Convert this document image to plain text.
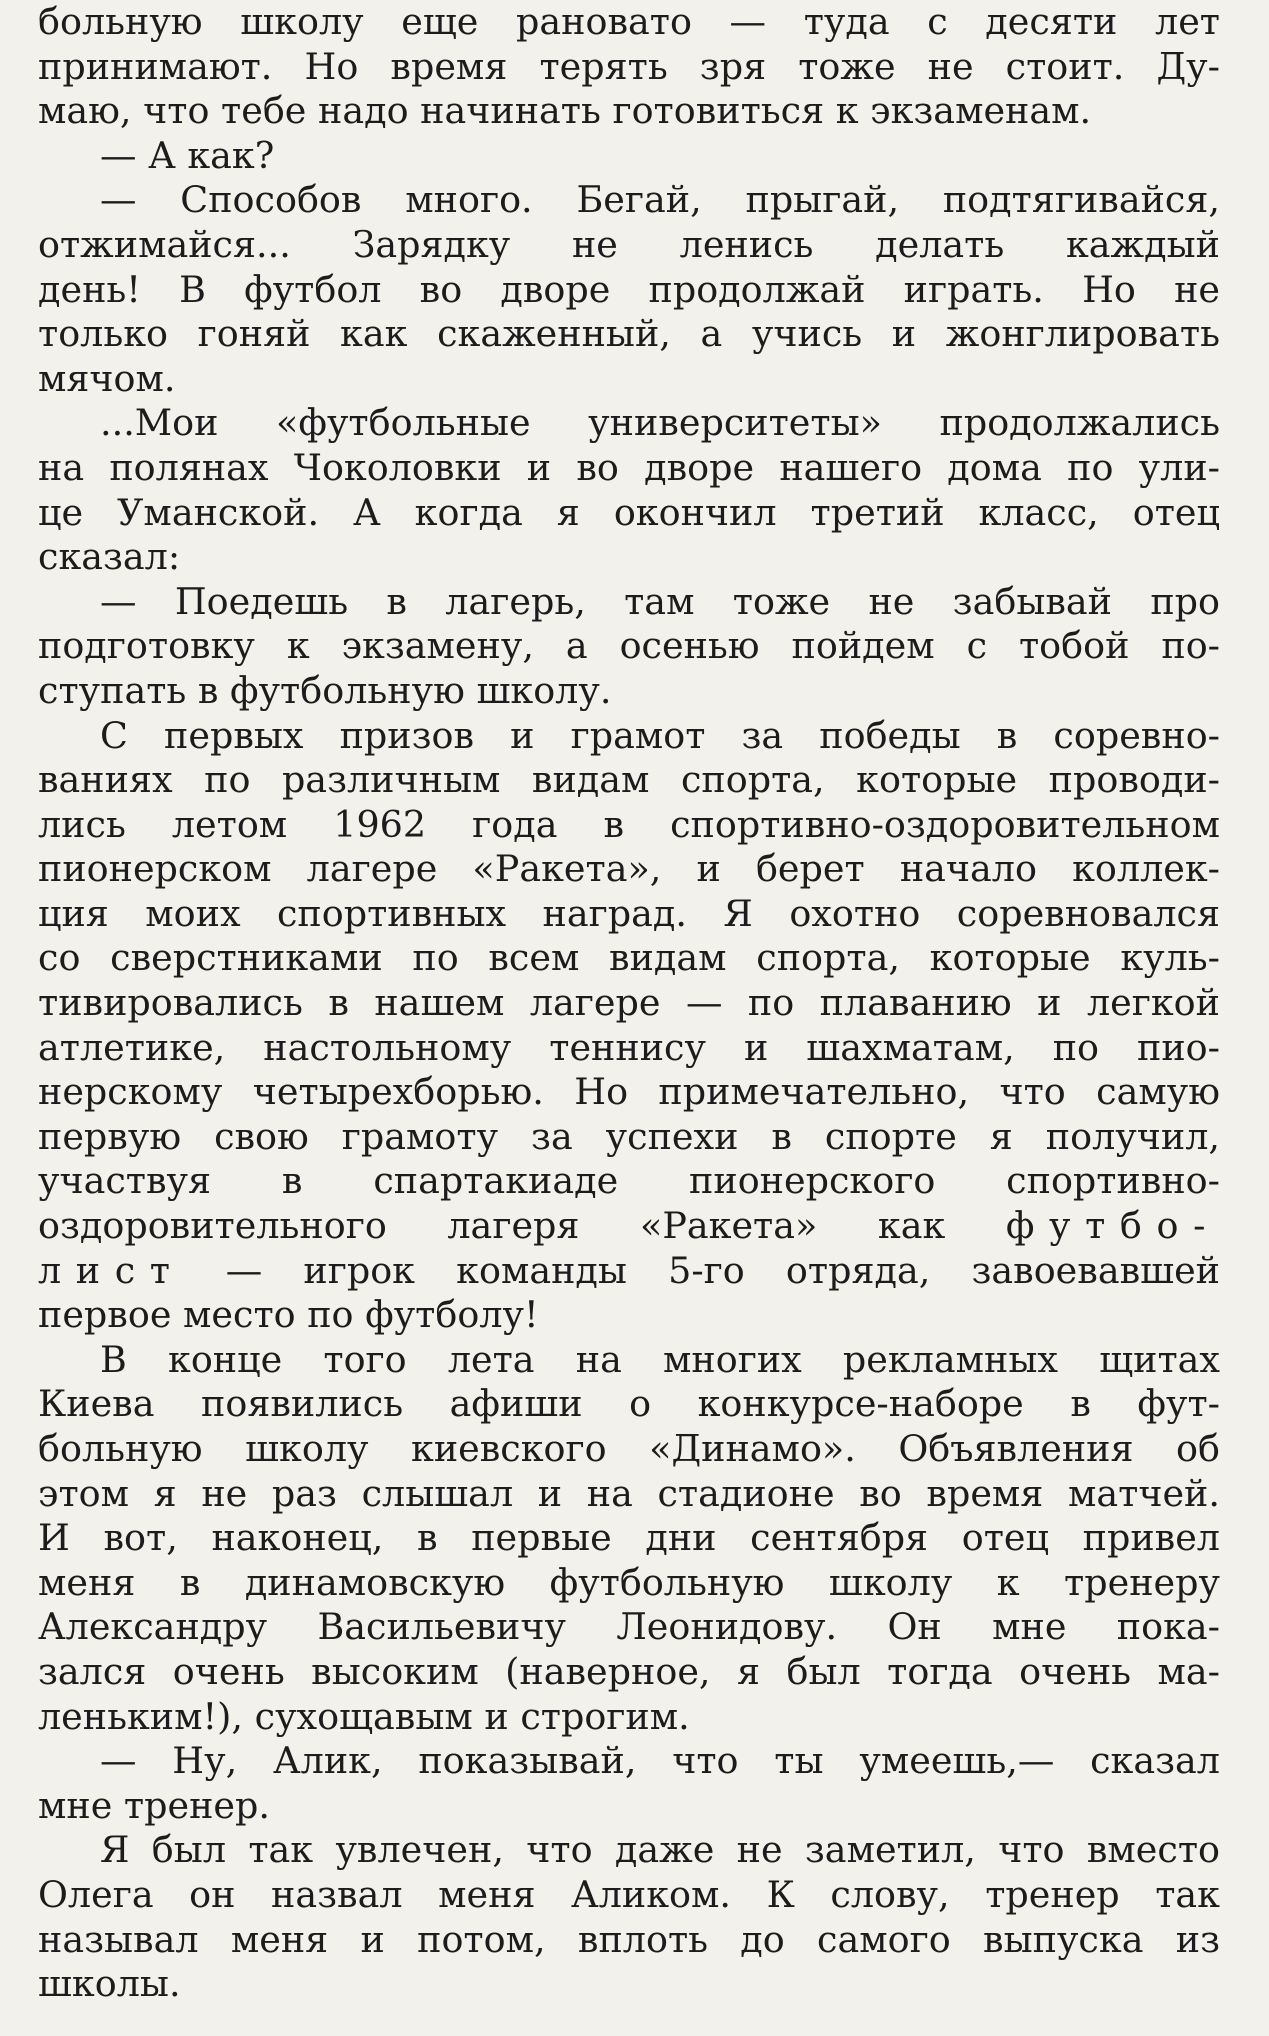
больную школу еще рановато — туда с десяти лет
принимают. Но время терять зря тоже не стоит. Ду-
маю, что тебе надо начинать готовиться к экзаменам.
— А как?
— Способов много. Бегай, прыгай, подтягивайся,
отжимайся... Зарядку не ленись делать каждый
день! В футбол во дворе продолжай играть. Но не
только гоняй как скаженный, а учись и жонглировать
мячом.
...Мои «футбольные университеты» продолжались
на полянах Чоколовки и во дворе нашего дома по ули-
це Уманской. А когда я окончил третий класс, отец
сказал:
— Поедешь в лагерь, там тоже не забывай про
подготовку к экзамену, а осенью пойдем с тобой по-
ступать в футбольную школу.
С первых призов и грамот за победы в соревно-
ваниях по различным видам спорта, которые проводи-
лись летом 1962 года в спортивно-оздоровительном
пионерском лагере «Ракета», и берет начало коллек-
ция моих спортивных наград. Я охотно соревновался
со сверстниками по всем видам спорта, которые куль-
тивировались в нашем лагере — по плаванию и легкой
атлетике, настольному теннису и шахматам, по пио-
нерскому четырехборью. Но примечательно, что самую
первую свою грамоту за успехи в спорте я получил,
участвуя в спартакиаде пионерского спортивно-
оздоровительного лагеря «Ракета» как футбо-
лист — игрок команды 5-го отряда, завоевавшей
первое место по футболу!
В конце того лета на многих рекламных щитах
Киева появились афиши о конкурсе-наборе в фут-
больную школу киевского «Динамо». Объявления об
этом я не раз слышал и на стадионе во время матчей.
И вот, наконец, в первые дни сентября отец привел
меня в динамовскую футбольную школу к тренеру
Александру Васильевичу Леонидову. Он мне пока-
зался очень высоким (наверное, я был тогда очень ма-
леньким!), сухощавым и строгим.
— Ну, Алик, показывай, что ты умеешь,— сказал
мне тренер.
Я был так увлечен, что даже не заметил, что вместо
Олега он назвал меня Аликом. К слову, тренер так
называл меня и потом, вплоть до самого выпуска из
школы.
